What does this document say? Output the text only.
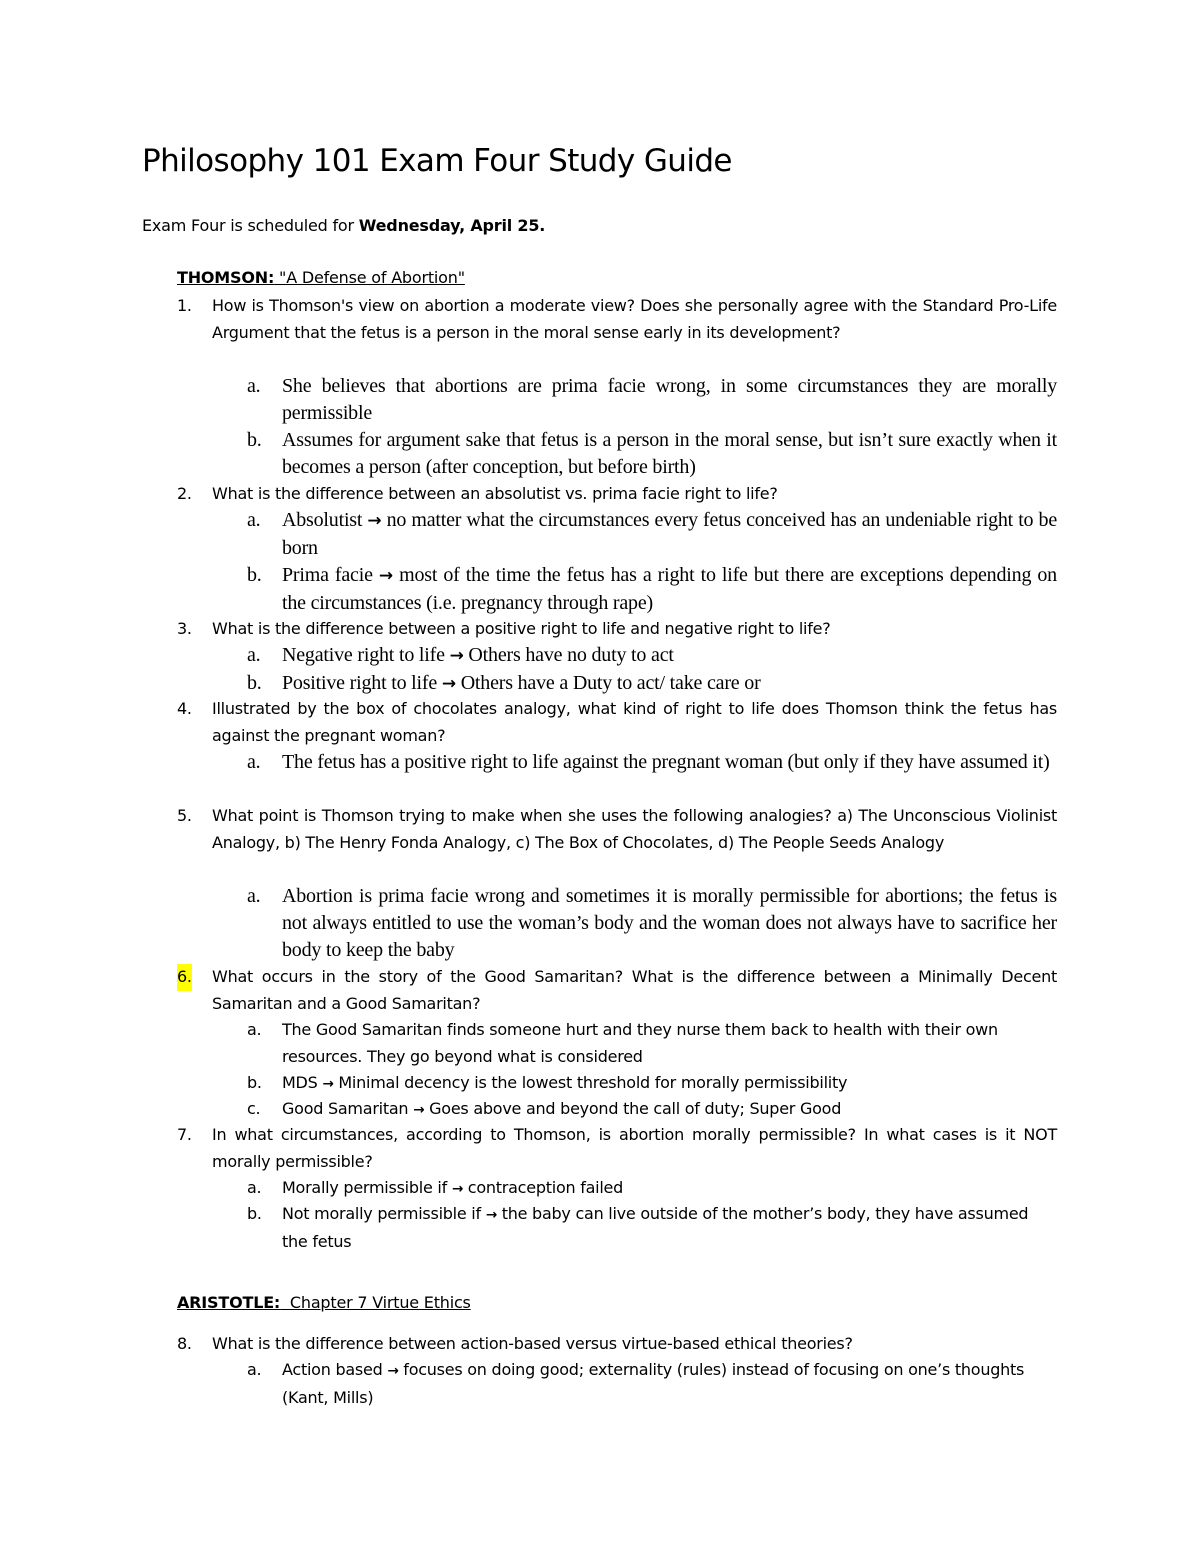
Philosophy 101 Exam Four Study Guide
Exam Four is scheduled for Wednesday, April 25.
THOMSON: "A Defense of Abortion"
1. How is Thomson's view on abortion a moderate view? Does she personally agree with the Standard Pro-Life Argument that the fetus is a person in the moral sense early in its development?
a. She believes that abortions are prima facie wrong, in some circumstances they are morally permissible
b. Assumes for argument sake that fetus is a person in the moral sense, but isn’t sure exactly when it becomes a person (after conception, but before birth)
2. What is the difference between an absolutist vs. prima facie right to life?
a. Absolutist → no matter what the circumstances every fetus conceived has an undeniable right to be born
b. Prima facie → most of the time the fetus has a right to life but there are exceptions depending on the circumstances (i.e. pregnancy through rape)
3. What is the difference between a positive right to life and negative right to life?
a. Negative right to life → Others have no duty to act
b. Positive right to life → Others have a Duty to act/ take care or
4. Illustrated by the box of chocolates analogy, what kind of right to life does Thomson think the fetus has against the pregnant woman?
a. The fetus has a positive right to life against the pregnant woman (but only if they have assumed it)
5. What point is Thomson trying to make when she uses the following analogies? a) The Unconscious Violinist Analogy, b) The Henry Fonda Analogy, c) The Box of Chocolates, d) The People Seeds Analogy
a. Abortion is prima facie wrong and sometimes it is morally permissible for abortions; the fetus is not always entitled to use the woman’s body and the woman does not always have to sacrifice her body to keep the baby
6. What occurs in the story of the Good Samaritan? What is the difference between a Minimally Decent Samaritan and a Good Samaritan?
a. The Good Samaritan finds someone hurt and they nurse them back to health with their own resources. They go beyond what is considered
b. MDS → Minimal decency is the lowest threshold for morally permissibility
c. Good Samaritan → Goes above and beyond the call of duty; Super Good
7. In what circumstances, according to Thomson, is abortion morally permissible? In what cases is it NOT morally permissible?
a. Morally permissible if → contraception failed
b. Not morally permissible if → the baby can live outside of the mother’s body, they have assumed the fetus
ARISTOTLE:  Chapter 7 Virtue Ethics
8. What is the difference between action-based versus virtue-based ethical theories?
a. Action based → focuses on doing good; externality (rules) instead of focusing on one’s thoughts (Kant, Mills)
